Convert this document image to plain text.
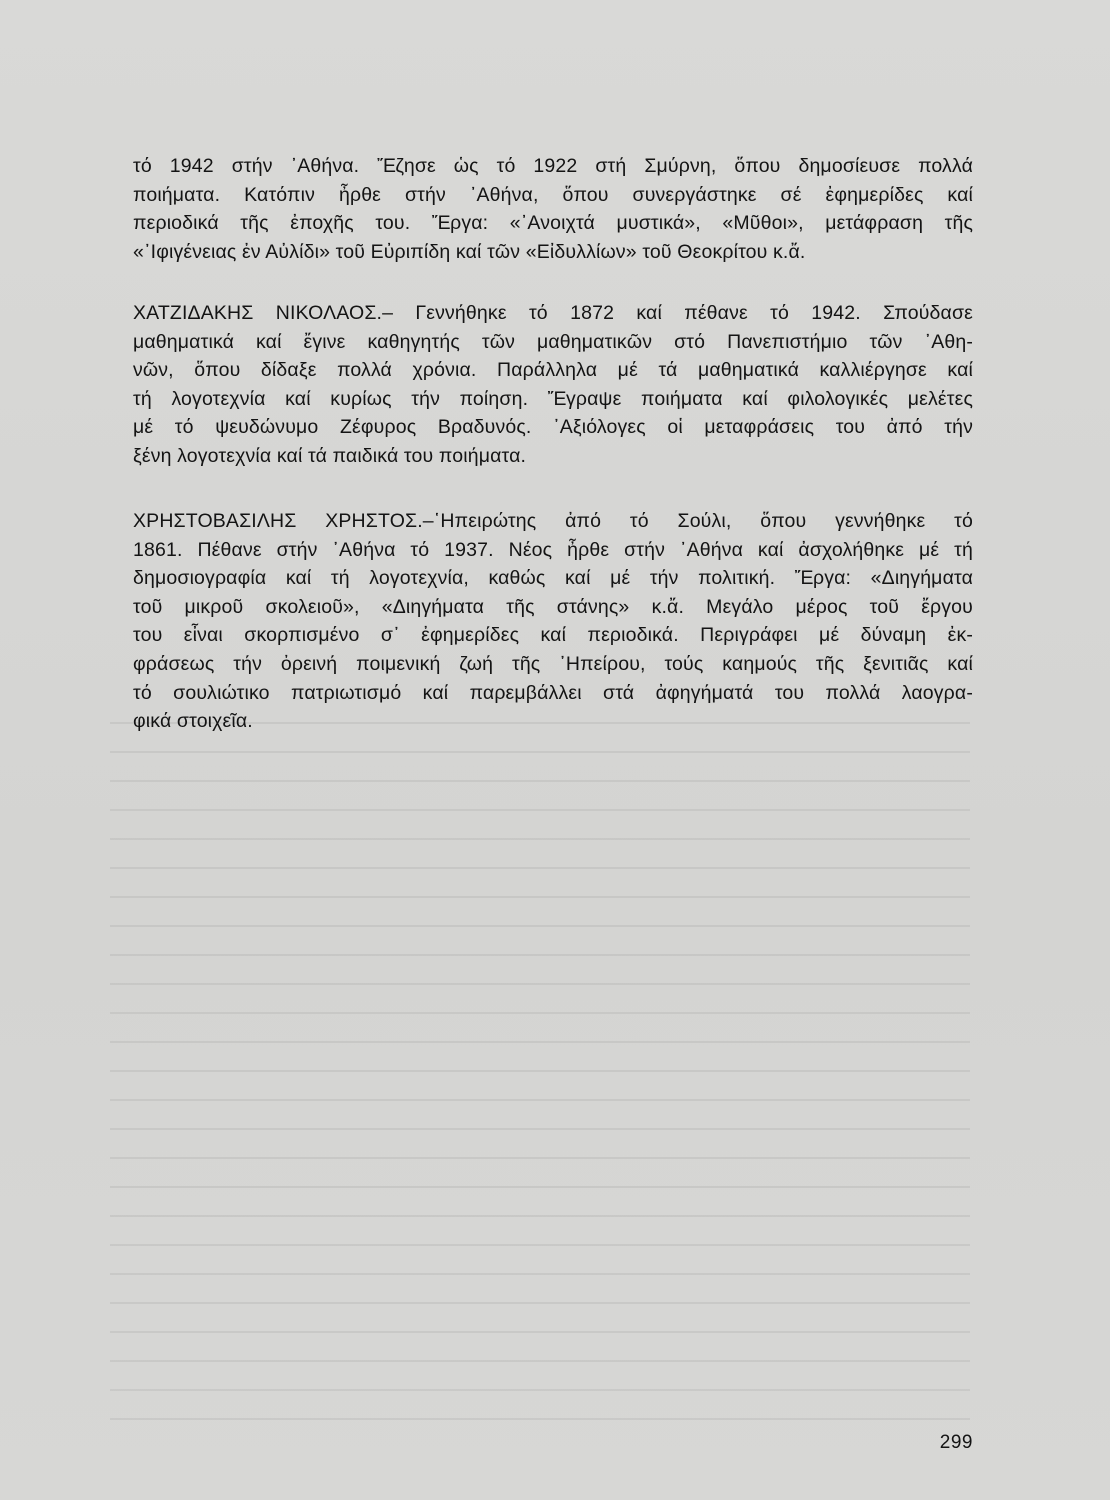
τό 1942 στήν ᾿Αθήνα. Ἔζησε ὡς τό 1922 στή Σμύρνη, ὅπου δημοσίευσε πολλά
ποιήματα. Κατόπιν ἦρθε στήν ᾿Αθήνα, ὅπου συνεργάστηκε σέ ἐφημερίδες καί
περιοδικά τῆς ἐποχῆς του. Ἔργα: «᾿Ανοιχτά μυστικά», «Μῦθοι», μετάφραση τῆς
«᾿Ιφιγένειας ἐν Αὐλίδι» τοῦ Εὐριπίδη καί τῶν «Εἰδυλλίων» τοῦ Θεοκρίτου κ.ἄ.
ΧΑΤΖΙΔΑΚΗΣ ΝΙΚΟΛΑΟΣ.– Γεννήθηκε τό 1872 καί πέθανε τό 1942. Σπούδασε
μαθηματικά καί ἔγινε καθηγητής τῶν μαθηματικῶν στό Πανεπιστήμιο τῶν ᾿Αθη-
νῶν, ὅπου δίδαξε πολλά χρόνια. Παράλληλα μέ τά μαθηματικά καλλιέργησε καί
τή λογοτεχνία καί κυρίως τήν ποίηση. Ἔγραψε ποιήματα καί φιλολογικές μελέτες
μέ τό ψευδώνυμο Ζέφυρος Βραδυνός. ᾿Αξιόλογες οἱ μεταφράσεις του ἀπό τήν
ξένη λογοτεχνία καί τά παιδικά του ποιήματα.
ΧΡΗΣΤΟΒΑΣΙΛΗΣ ΧΡΗΣΤΟΣ.–῾Ηπειρώτης ἀπό τό Σούλι, ὅπου γεννήθηκε τό
1861. Πέθανε στήν ᾿Αθήνα τό 1937. Νέος ἦρθε στήν ᾿Αθήνα καί ἀσχολήθηκε μέ τή
δημοσιογραφία καί τή λογοτεχνία, καθώς καί μέ τήν πολιτική. Ἔργα: «Διηγήματα
τοῦ μικροῦ σκολειοῦ», «Διηγήματα τῆς στάνης» κ.ἄ. Μεγάλο μέρος τοῦ ἔργου
του εἶναι σκορπισμένο σ᾿ ἐφημερίδες καί περιοδικά. Περιγράφει μέ δύναμη ἐκ-
φράσεως τήν ὀρεινή ποιμενική ζωή τῆς ᾿Ηπείρου, τούς καημούς τῆς ξενιτιᾶς καί
τό σουλιώτικο πατριωτισμό καί παρεμβάλλει στά ἀφηγήματά του πολλά λαογρα-
φικά στοιχεῖα.
299
